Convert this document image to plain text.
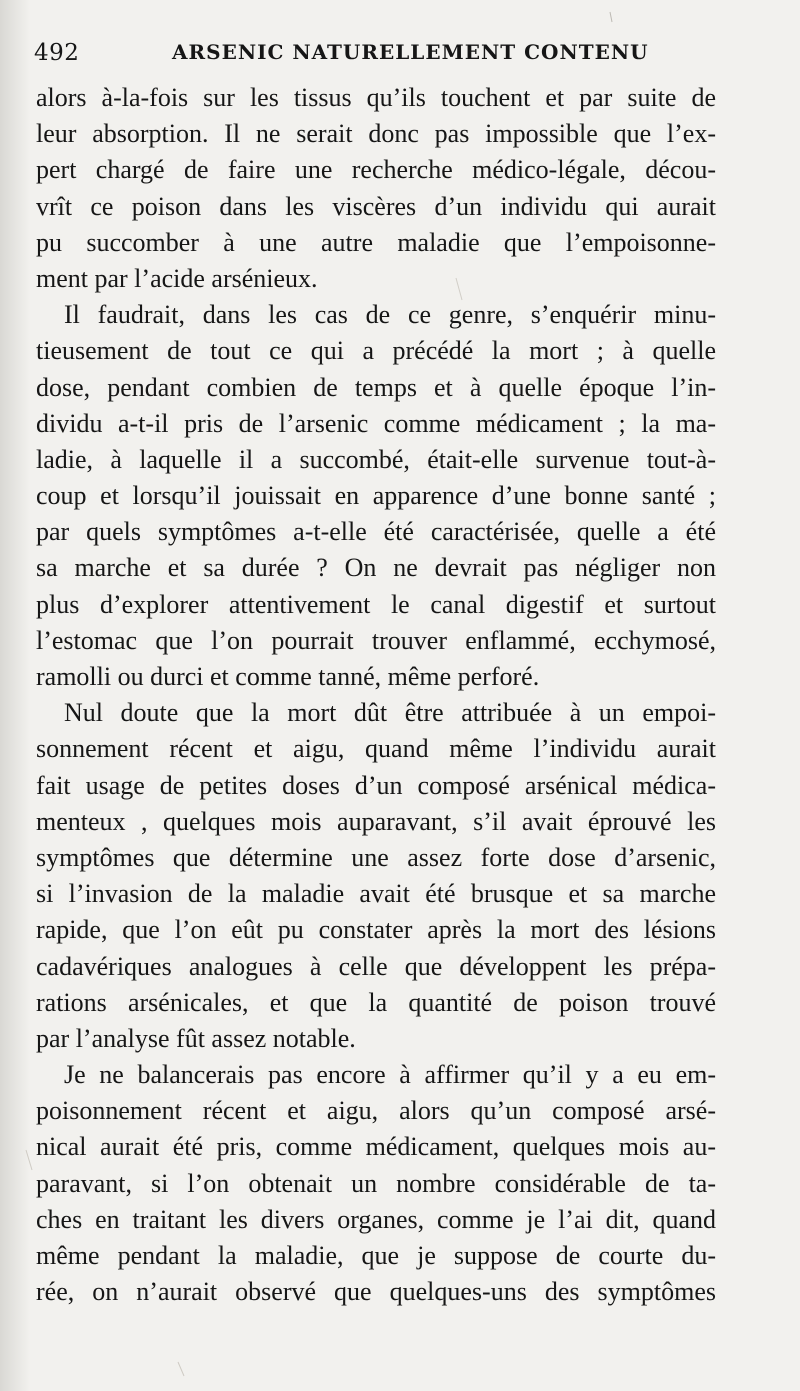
492	ARSENIC NATURELLEMENT CONTENU

alors à-la-fois sur les tissus qu’ils touchent et par suite de
leur absorption. Il ne serait donc pas impossible que l’ex-
pert chargé de faire une recherche médico-légale, décou-
vrît ce poison dans les viscères d’un individu qui aurait
pu succomber à une autre maladie que l’empoisonne-
ment par l’acide arsénieux.

Il faudrait, dans les cas de ce genre, s’enquérir minu-
tieusement de tout ce qui a précédé la mort ; à quelle
dose, pendant combien de temps et à quelle époque l’in-
dividu a-t-il pris de l’arsenic comme médicament ; la ma-
ladie, à laquelle il a succombé, était-elle survenue tout-à-
coup et lorsqu’il jouissait en apparence d’une bonne santé ;
par quels symptômes a-t-elle été caractérisée, quelle a été
sa marche et sa durée ? On ne devrait pas négliger non
plus d’explorer attentivement le canal digestif et surtout
l’estomac que l’on pourrait trouver enflammé, ecchymosé,
ramolli ou durci et comme tanné, même perforé.

Nul doute que la mort dût être attribuée à un empoi-
sonnement récent et aigu, quand même l’individu aurait
fait usage de petites doses d’un composé arsénical médica-
menteux , quelques mois auparavant, s’il avait éprouvé les
symptômes que détermine une assez forte dose d’arsenic,
si l’invasion de la maladie avait été brusque et sa marche
rapide, que l’on eût pu constater après la mort des lésions
cadavériques analogues à celle que développent les prépa-
rations arsénicales, et que la quantité de poison trouvé
par l’analyse fût assez notable.

Je ne balancerais pas encore à affirmer qu’il y a eu em-
poisonnement récent et aigu, alors qu’un composé arsé-
nical aurait été pris, comme médicament, quelques mois au-
paravant, si l’on obtenait un nombre considérable de ta-
ches en traitant les divers organes, comme je l’ai dit, quand
même pendant la maladie, que je suppose de courte du-
rée, on n’aurait observé que quelques-uns des symptômes
